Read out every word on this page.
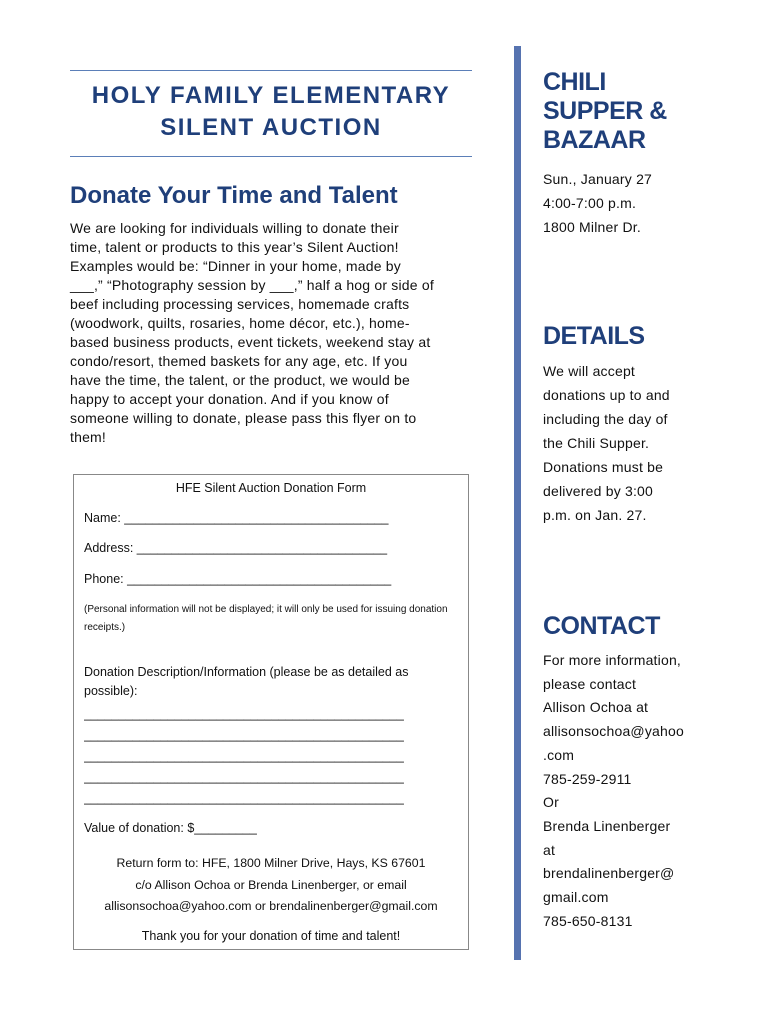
HOLY FAMILY ELEMENTARY
SILENT AUCTION
Donate Your Time and Talent
We are looking for individuals willing to donate their
time, talent or products to this year’s Silent Auction!
Examples would be: “Dinner in your home, made by
___,” “Photography session by ___,” half a hog or side of
beef including processing services, homemade crafts
(woodwork, quilts, rosaries, home décor, etc.), home-
based business products, event tickets, weekend stay at
condo/resort, themed baskets for any age, etc. If you
have the time, the talent, or the product, we would be
happy to accept your donation. And if you know of
someone willing to donate, please pass this flyer on to
them!
HFE Silent Auction Donation Form
Name: ______________________________________
Address: ____________________________________
Phone: ______________________________________
(Personal information will not be displayed; it will only be used for issuing donation receipts.)
Donation Description/Information (please be as detailed as possible):
______________________________________________
______________________________________________
______________________________________________
______________________________________________
______________________________________________
Value of donation: $_________
Return form to: HFE, 1800 Milner Drive, Hays, KS 67601
c/o Allison Ochoa or Brenda Linenberger, or email
allisonsochoa@yahoo.com or brendalinenberger@gmail.com
Thank you for your donation of time and talent!
CHILI
SUPPER &
BAZAAR
Sun., January 27
4:00-7:00 p.m.
1800 Milner Dr.
DETAILS
We will accept
donations up to and
including the day of
the Chili Supper.
Donations must be
delivered by 3:00
p.m. on Jan. 27.
CONTACT
For more information,
please contact
Allison Ochoa at
allisonsochoa@yahoo
.com
785-259-2911
Or
Brenda Linenberger
at
brendalinenberger@
gmail.com
785-650-8131
